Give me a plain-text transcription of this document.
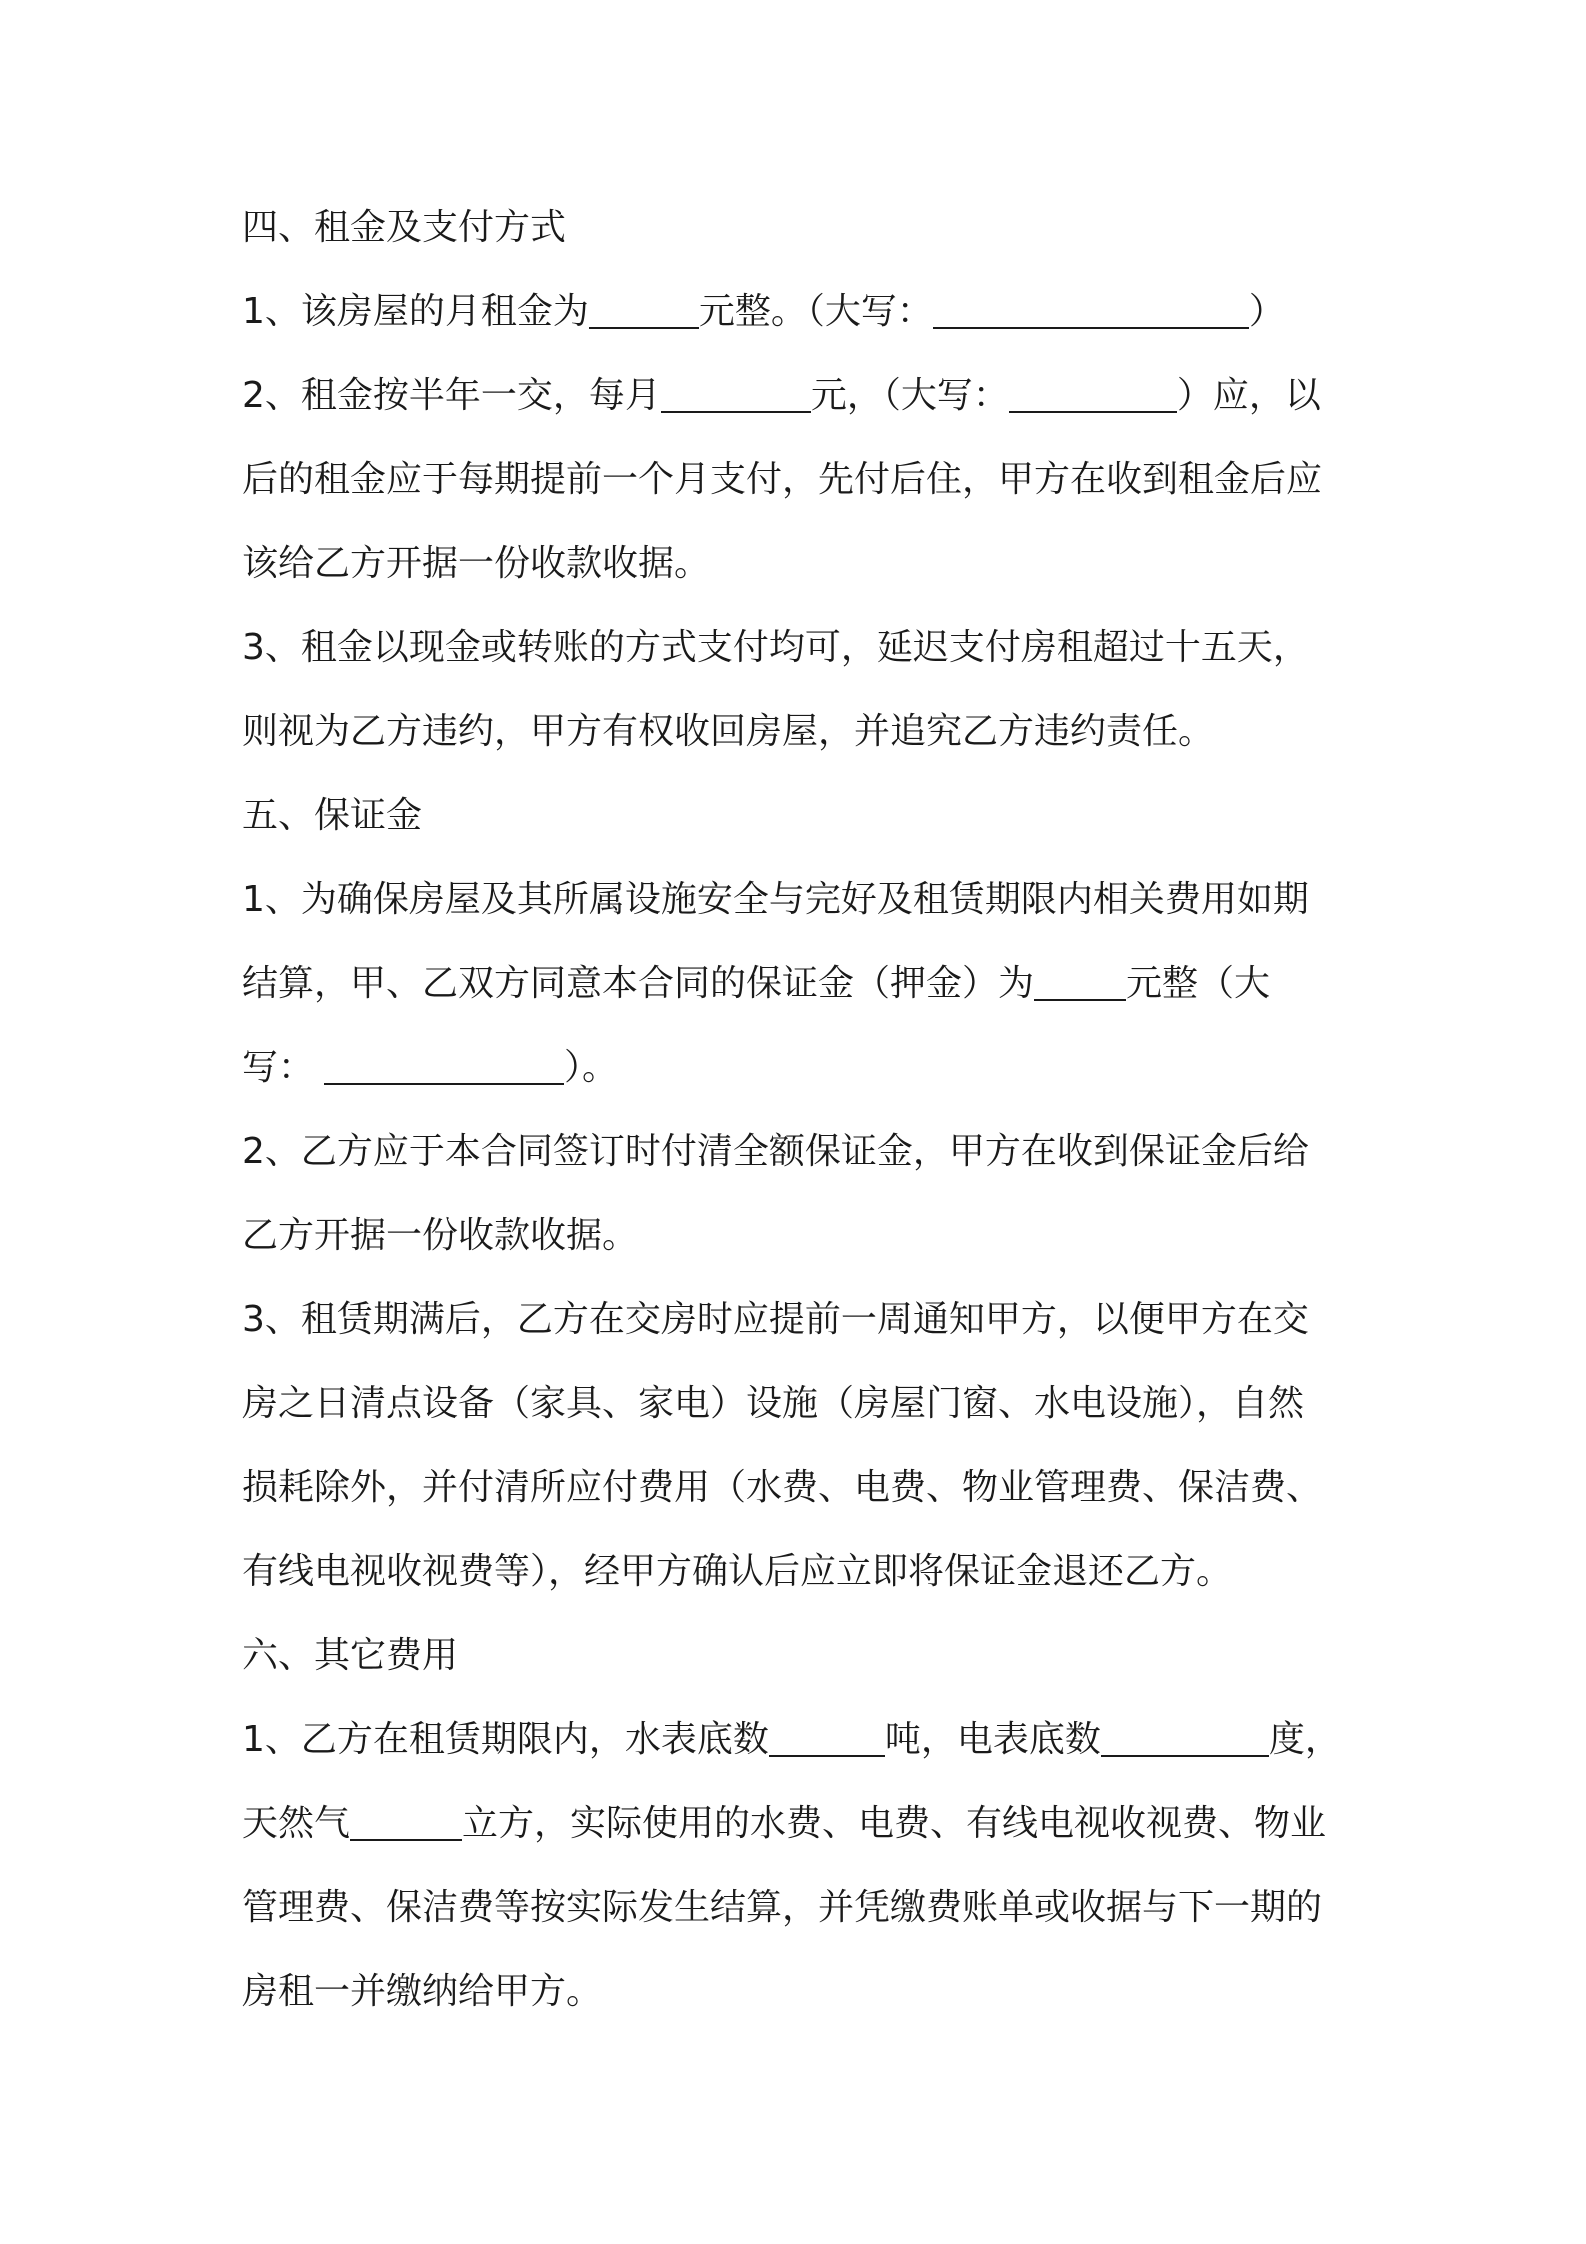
四、租金及支付方式
1、该房屋的月租金为	元整。（大写：	）
2、租金按半年一交，每月	元，（大写：	）应，以
后的租金应于每期提前一个月支付，先付后住，甲方在收到租金后应
该给乙方开据一份收款收据。
3、租金以现金或转账的方式支付均可，延迟支付房租超过十五天，
则视为乙方违约，甲方有权收回房屋，并追究乙方违约责任。
五、保证金
1、为确保房屋及其所属设施安全与完好及租赁期限内相关费用如期
结算，甲、乙双方同意本合同的保证金（押金）为	元整（大
写：	）。
2、乙方应于本合同签订时付清全额保证金，甲方在收到保证金后给
乙方开据一份收款收据。
3、租赁期满后，乙方在交房时应提前一周通知甲方，以便甲方在交
房之日清点设备（家具、家电）设施（房屋门窗、水电设施），自然
损耗除外，并付清所应付费用（水费、电费、物业管理费、保洁费、
有线电视收视费等），经甲方确认后应立即将保证金退还乙方。
六、其它费用
1、乙方在租赁期限内，水表底数	吨，电表底数	度，
天然气	立方，实际使用的水费、电费、有线电视收视费、物业
管理费、保洁费等按实际发生结算，并凭缴费账单或收据与下一期的
房租一并缴纳给甲方。
